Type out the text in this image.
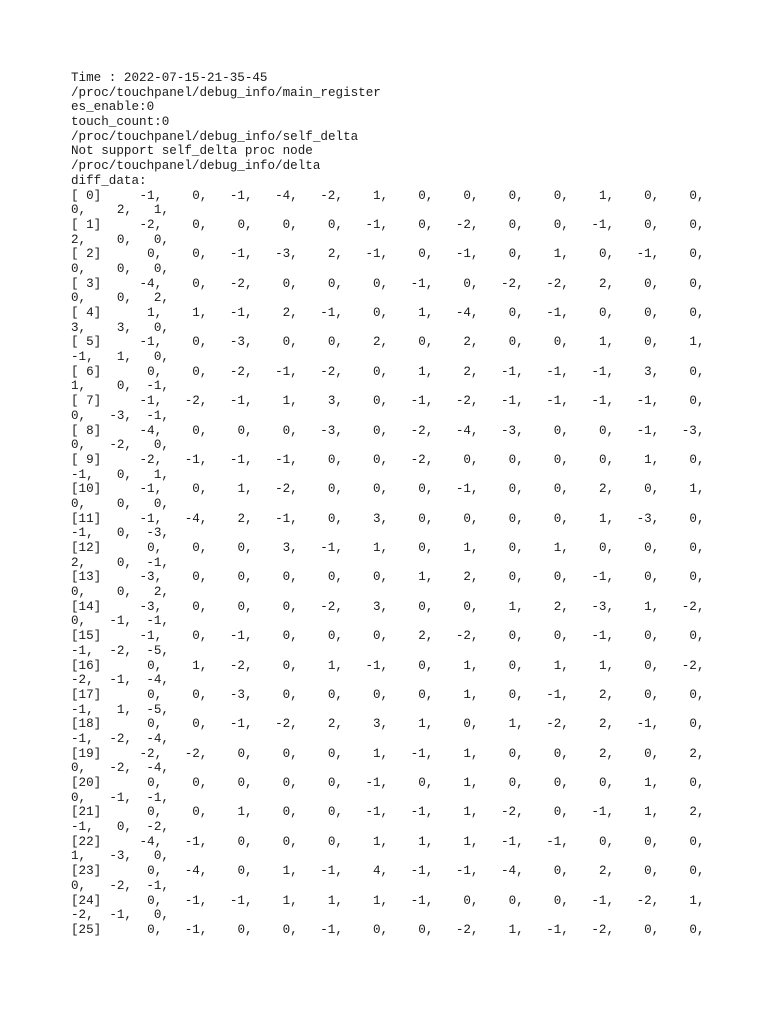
Time : 2022-07-15-21-35-45
/proc/touchpanel/debug_info/main_register
es_enable:0
touch_count:0
/proc/touchpanel/debug_info/self_delta
Not support self_delta proc node
/proc/touchpanel/debug_info/delta
diff_data:
[ 0]	-1, 0, -1, -4, -2, 1, 0, 0, 0, 0, 1, 0, 0,
0, 2, 1,
[ 1]	-2, 0, 0, 0, 0, -1, 0, -2, 0, 0, -1, 0, 0,
2, 0, 0,
[ 2]	0, 0, -1, -3, 2, -1, 0, -1, 0, 1, 0, -1, 0,
0, 0, 0,
[ 3]	-4, 0, -2, 0, 0, 0, -1, 0, -2, -2, 2, 0, 0,
0, 0, 2,
[ 4]	1, 1, -1, 2, -1, 0, 1, -4, 0, -1, 0, 0, 0,
3, 3, 0,
[ 5]	-1, 0, -3, 0, 0, 2, 0, 2, 0, 0, 1, 0, 1,
-1, 1, 0,
[ 6]	0, 0, -2, -1, -2, 0, 1, 2, -1, -1, -1, 3, 0,
1, 0, -1,
[ 7]	-1, -2, -1, 1, 3, 0, -1, -2, -1, -1, -1, -1, 0,
0, -3, -1,
[ 8]	-4, 0, 0, 0, -3, 0, -2, -4, -3, 0, 0, -1, -3,
0, -2, 0,
[ 9]	-2, -1, -1, -1, 0, 0, -2, 0, 0, 0, 0, 1, 0,
-1, 0, 1,
[10]	-1, 0, 1, -2, 0, 0, 0, -1, 0, 0, 2, 0, 1,
0, 0, 0,
[11]	-1, -4, 2, -1, 0, 3, 0, 0, 0, 0, 1, -3, 0,
-1, 0, -3,
[12]	0, 0, 0, 3, -1, 1, 0, 1, 0, 1, 0, 0, 0,
2, 0, -1,
[13]	-3, 0, 0, 0, 0, 0, 1, 2, 0, 0, -1, 0, 0,
0, 0, 2,
[14]	-3, 0, 0, 0, -2, 3, 0, 0, 1, 2, -3, 1, -2,
0, -1, -1,
[15]	-1, 0, -1, 0, 0, 0, 2, -2, 0, 0, -1, 0, 0,
-1, -2, -5,
[16]	0, 1, -2, 0, 1, -1, 0, 1, 0, 1, 1, 0, -2,
-2, -1, -4,
[17]	0, 0, -3, 0, 0, 0, 0, 1, 0, -1, 2, 0, 0,
-1, 1, -5,
[18]	0, 0, -1, -2, 2, 3, 1, 0, 1, -2, 2, -1, 0,
-1, -2, -4,
[19]	-2, -2, 0, 0, 0, 1, -1, 1, 0, 0, 2, 0, 2,
0, -2, -4,
[20]	0, 0, 0, 0, 0, -1, 0, 1, 0, 0, 0, 1, 0,
0, -1, -1,
[21]	0, 0, 1, 0, 0, -1, -1, 1, -2, 0, -1, 1, 2,
-1, 0, -2,
[22]	-4, -1, 0, 0, 0, 1, 1, 1, -1, -1, 0, 0, 0,
1, -3, 0,
[23]	0, -4, 0, 1, -1, 4, -1, -1, -4, 0, 2, 0, 0,
0, -2, -1,
[24]	0, -1, -1, 1, 1, 1, -1, 0, 0, 0, -1, -2, 1,
-2, -1, 0,
[25]	0, -1, 0, 0, -1, 0, 0, -2, 1, -1, -2, 0, 0,
